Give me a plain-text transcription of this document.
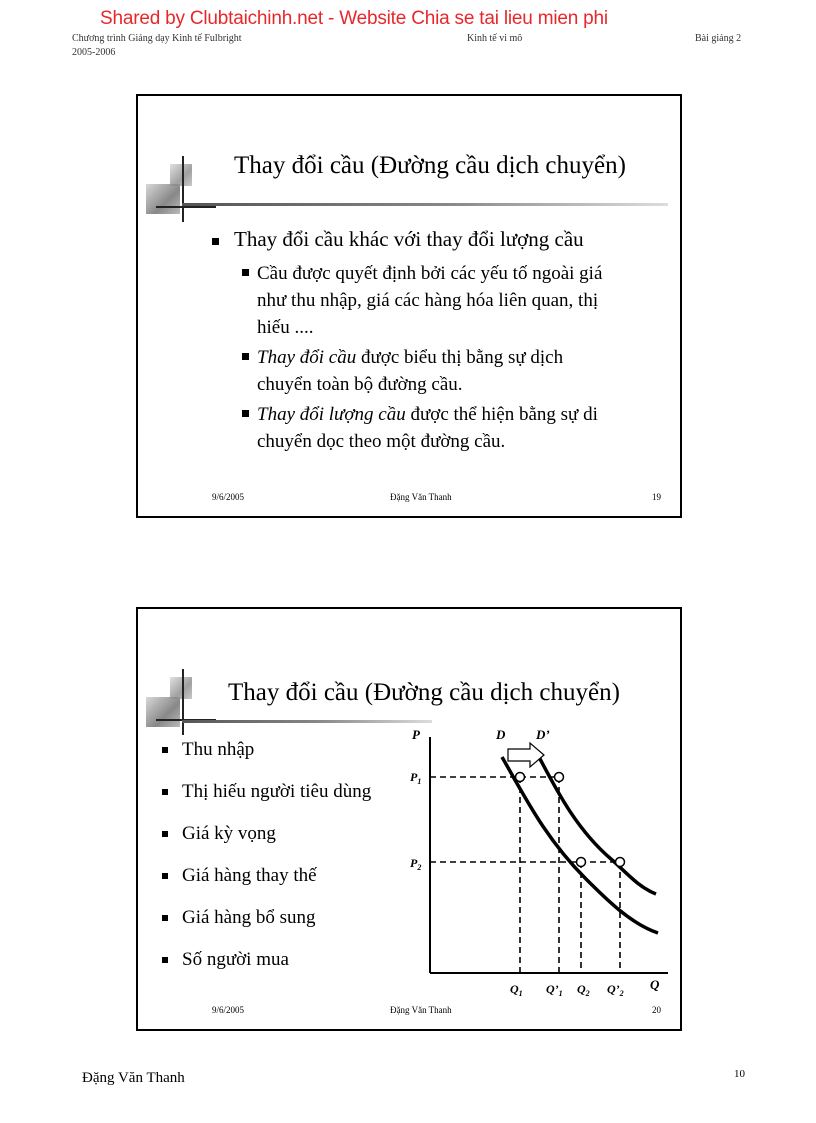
Chương trình Giảng dạy Kinh tế Fulbright
2005-2006
Kinh tế vi mô	Bài giảng 2
Shared by Clubtaichinh.net - Website Chia se tai lieu mien phi
Thay đổi cầu (Đường cầu dịch chuyển)
Thay đổi cầu khác với thay đổi lượng cầu
Cầu được quyết định bởi các yếu tố ngoài giá
như thu nhập, giá các hàng hóa liên quan, thị
hiếu ....
Thay đổi cầu được biểu thị bằng sự dịch
chuyển toàn bộ đường cầu.
Thay đổi lượng cầu được thể hiện bằng sự di
chuyển dọc theo một đường cầu.
9/6/2005	Đặng Văn Thanh	19
Thay đổi cầu (Đường cầu dịch chuyển)
Thu nhập
Thị hiếu người tiêu dùng
Giá kỳ vọng
Giá hàng thay thế
Giá hàng bổ sung
Số người mua
P
Q
D D’
$P_1$
$P_2$
$Q_1$ $Q’_1$ $Q_2$ $Q’_2$
9/6/2005	Đặng Văn Thanh	20
Đặng Văn Thanh	10
